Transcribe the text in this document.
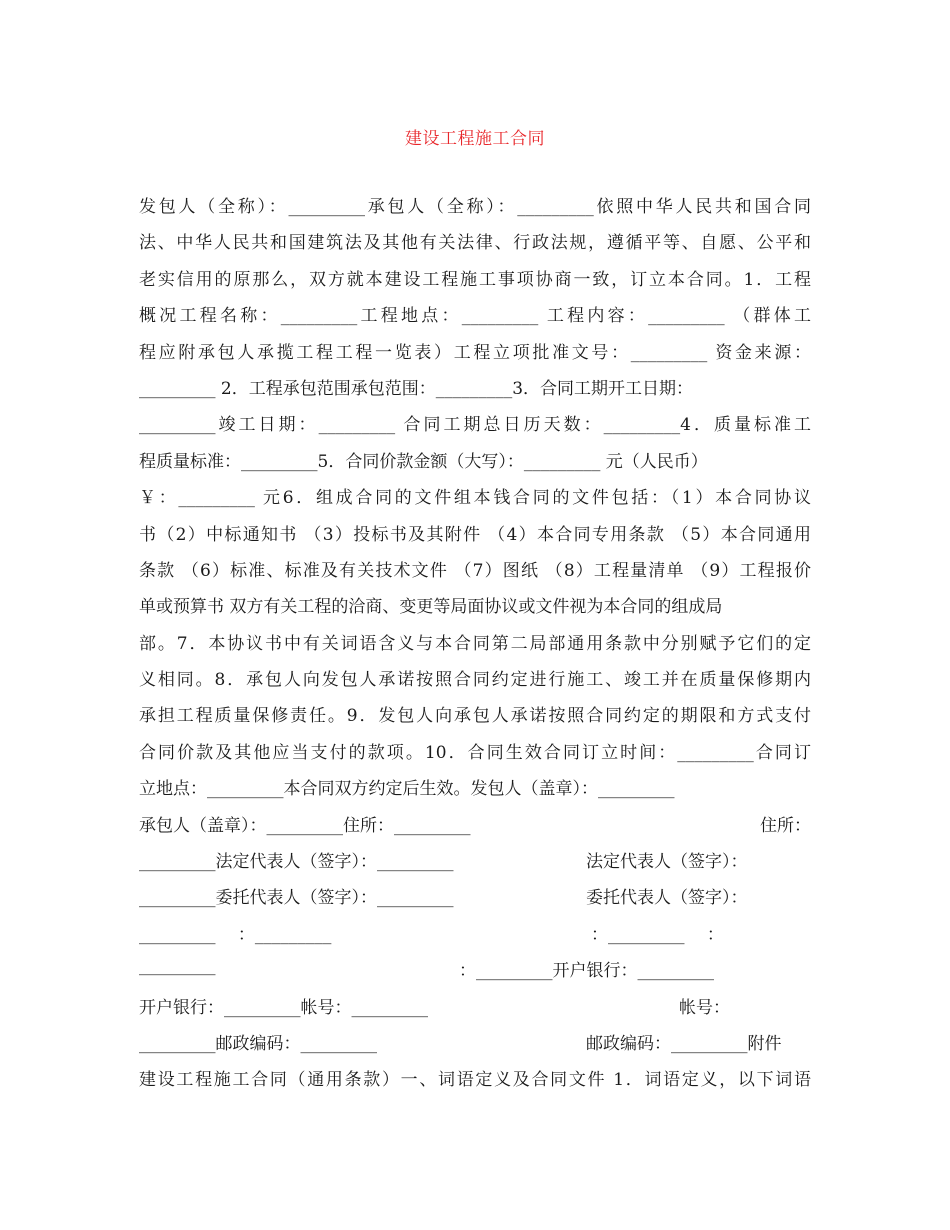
建设工程施工合同
发包人（全称）：_________承包人（全称）：_________依照中华人民共和国合同
法、中华人民共和国建筑法及其他有关法律、行政法规，遵循平等、自愿、公平和
老实信用的原那么，双方就本建设工程施工事项协商一致，订立本合同。1．工程
概况工程名称：_________工程地点：_________ 工程内容：_________ （群体工
程应附承包人承揽工程工程一览表）工程立项批准文号：_________ 资金来源：
_________ 2．工程承包范围承包范围：_________3．合同工期开工日期：
_________竣工日期：_________ 合同工期总日历天数：_________4．质量标准工
程质量标准：_________5．合同价款金额（大写）：_________ 元（人民币）
￥：_________ 元6．组成合同的文件组本钱合同的文件包括：（1）本合同协议
书（2）中标通知书 （3）投标书及其附件 （4）本合同专用条款 （5）本合同通用
条款 （6）标准、标准及有关技术文件 （7）图纸 （8）工程量清单 （9）工程报价
单或预算书 双方有关工程的洽商、变更等局面协议或文件视为本合同的组成局
部。7．本协议书中有关词语含义与本合同第二局部通用条款中分别赋予它们的定
义相同。8．承包人向发包人承诺按照合同约定进行施工、竣工并在质量保修期内
承担工程质量保修责任。9．发包人向承包人承诺按照合同约定的期限和方式支付
合同价款及其他应当支付的款项。10．合同生效合同订立时间：_________合同订
立地点：_________本合同双方约定后生效。发包人（盖章）：_________
承包人（盖章）：_________住所：_________	住所：
_________法定代表人（签字）：_________	法定代表人（签字）：
_________委托代表人（签字）：_________	委托代表人（签字）：
_________ 　：_________	：_________ 　：
_________	：_________开户银行：_________
开户银行：_________帐号：_________	帐号：
_________邮政编码：_________	邮政编码：_________附件
建设工程施工合同（通用条款）一、词语定义及合同文件 1．词语定义，以下词语
